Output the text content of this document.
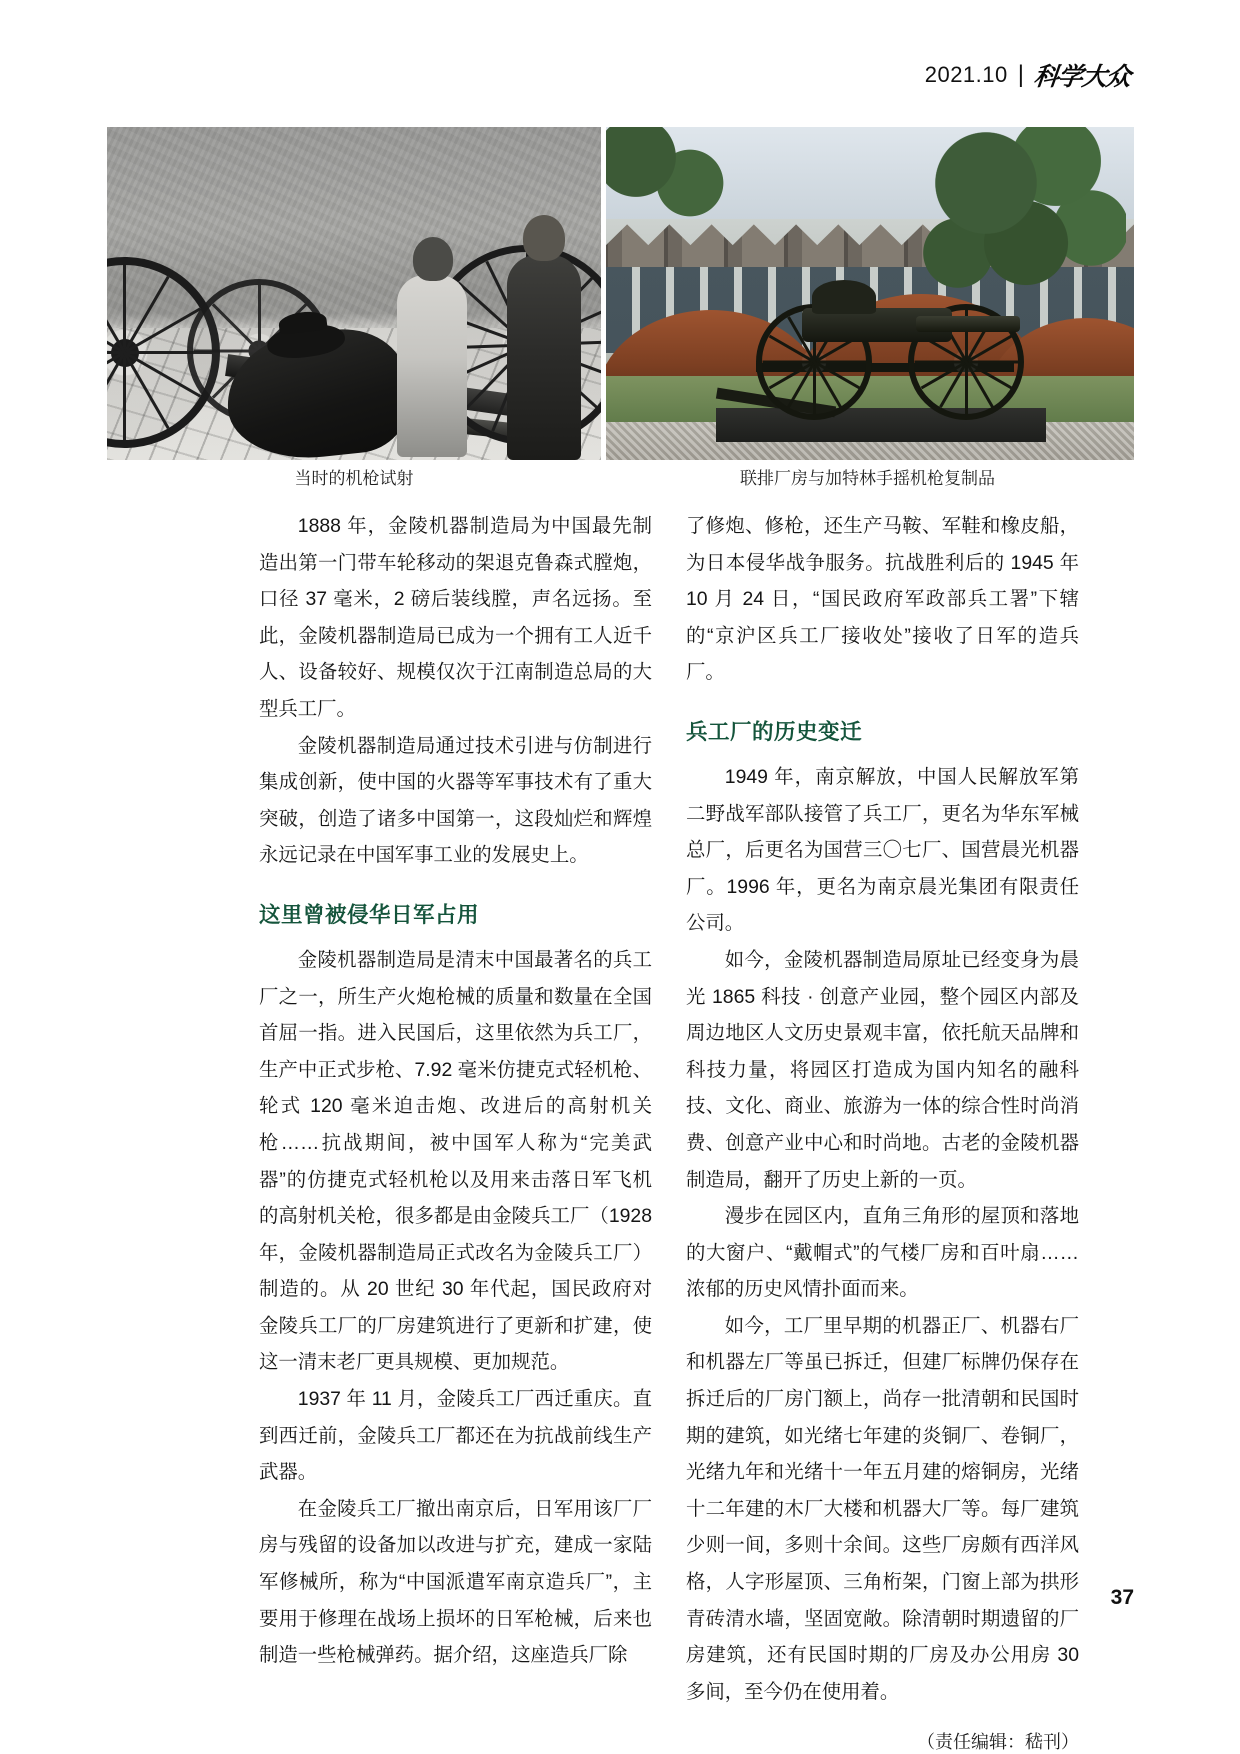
2021.10 | 科学大众
当时的机枪试射	联排厂房与加特林手摇机枪复制品

1888 年，金陵机器制造局为中国最先制造出第一门带车轮移动的架退克鲁森式膛炮，口径 37 毫米，2 磅后装线膛，声名远扬。至此，金陵机器制造局已成为一个拥有工人近千人、设备较好、规模仅次于江南制造总局的大型兵工厂。

金陵机器制造局通过技术引进与仿制进行集成创新，使中国的火器等军事技术有了重大突破，创造了诸多中国第一，这段灿烂和辉煌永远记录在中国军事工业的发展史上。

这里曾被侵华日军占用

金陵机器制造局是清末中国最著名的兵工厂之一，所生产火炮枪械的质量和数量在全国首屈一指。进入民国后，这里依然为兵工厂，生产中正式步枪、7.92 毫米仿捷克式轻机枪、轮式 120 毫米迫击炮、改进后的高射机关枪……抗战期间，被中国军人称为“完美武器”的仿捷克式轻机枪以及用来击落日军飞机的高射机关枪，很多都是由金陵兵工厂（1928 年，金陵机器制造局正式改名为金陵兵工厂）制造的。从 20 世纪 30 年代起，国民政府对金陵兵工厂的厂房建筑进行了更新和扩建，使这一清末老厂更具规模、更加规范。

1937 年 11 月，金陵兵工厂西迁重庆。直到西迁前，金陵兵工厂都还在为抗战前线生产武器。

在金陵兵工厂撤出南京后，日军用该厂厂房与残留的设备加以改进与扩充，建成一家陆军修械所，称为“中国派遣军南京造兵厂”，主要用于修理在战场上损坏的日军枪械，后来也制造一些枪械弹药。据介绍，这座造兵厂除

了修炮、修枪，还生产马鞍、军鞋和橡皮船，为日本侵华战争服务。抗战胜利后的 1945 年 10 月 24 日，“国民政府军政部兵工署”下辖的“京沪区兵工厂接收处”接收了日军的造兵厂。

兵工厂的历史变迁

1949 年，南京解放，中国人民解放军第二野战军部队接管了兵工厂，更名为华东军械总厂，后更名为国营三〇七厂、国营晨光机器厂。1996 年，更名为南京晨光集团有限责任公司。

如今，金陵机器制造局原址已经变身为晨光 1865 科技 · 创意产业园，整个园区内部及周边地区人文历史景观丰富，依托航天品牌和科技力量，将园区打造成为国内知名的融科技、文化、商业、旅游为一体的综合性时尚消费、创意产业中心和时尚地。古老的金陵机器制造局，翻开了历史上新的一页。

漫步在园区内，直角三角形的屋顶和落地的大窗户、“戴帽式”的气楼厂房和百叶扇……浓郁的历史风情扑面而来。

如今，工厂里早期的机器正厂、机器右厂和机器左厂等虽已拆迁，但建厂标牌仍保存在拆迁后的厂房门额上，尚存一批清朝和民国时期的建筑，如光绪七年建的炎铜厂、卷铜厂，光绪九年和光绪十一年五月建的熔铜房，光绪十二年建的木厂大楼和机器大厂等。每厂建筑少则一间，多则十余间。这些厂房颇有西洋风格，人字形屋顶、三角桁架，门窗上部为拱形青砖清水墙，坚固宽敞。除清朝时期遗留的厂房建筑，还有民国时期的厂房及办公用房 30 多间，至今仍在使用着。

（责任编辑：嵇刊）
37
